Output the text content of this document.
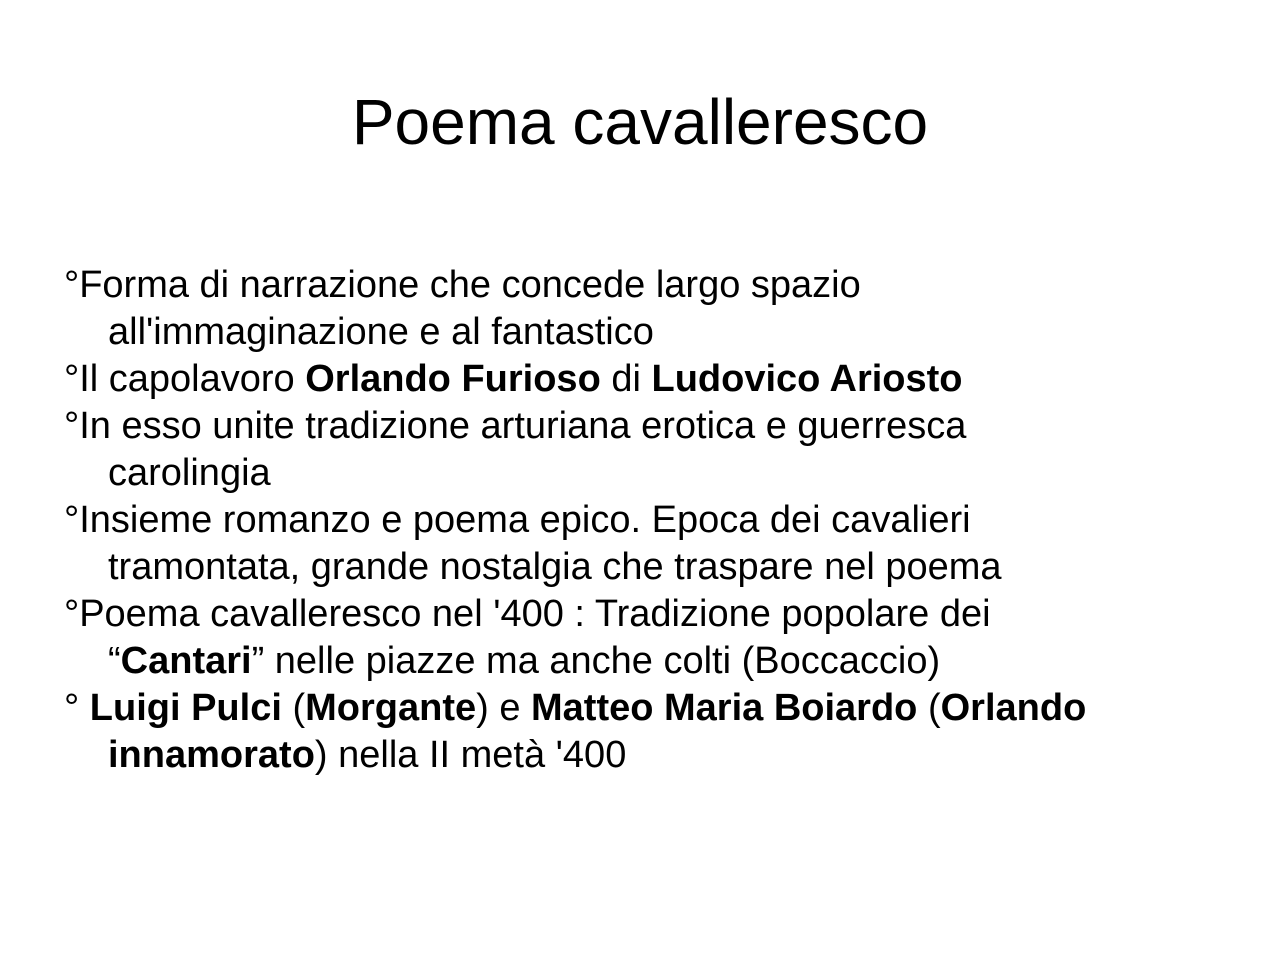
Poema cavalleresco
°Forma di narrazione che concede largo spazio
all'immaginazione e al fantastico
°Il capolavoro Orlando Furioso di Ludovico Ariosto
°In esso unite tradizione arturiana erotica e guerresca
carolingia
°Insieme romanzo e poema epico. Epoca dei cavalieri
tramontata, grande nostalgia che traspare nel poema
°Poema cavalleresco nel '400 : Tradizione popolare dei
“Cantari” nelle piazze ma anche colti (Boccaccio)
° Luigi Pulci (Morgante) e Matteo Maria Boiardo (Orlando
innamorato) nella II metà '400
